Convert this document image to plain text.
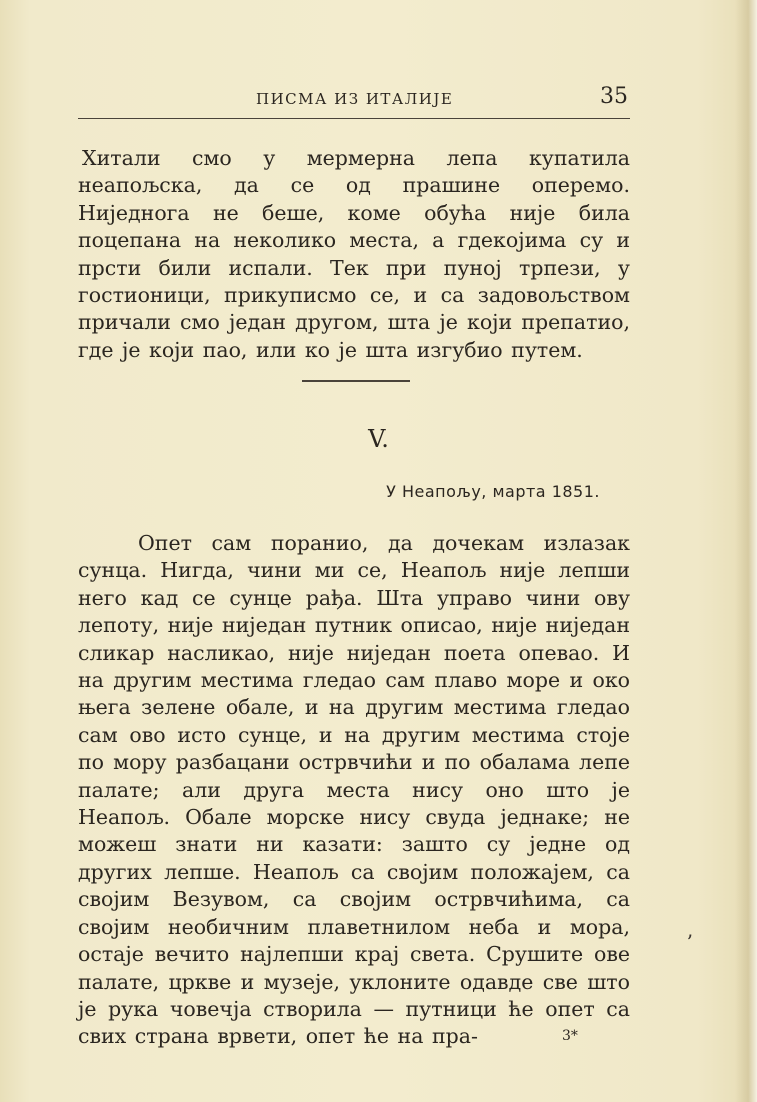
ПИСМА ИЗ ИТАЛИЈЕ	35

Хитали смо у мермерна лепа купатила неапољска, да се од прашине оперемо. Ниједнога не беше, коме обућа није била поцепана на неколико места, а гдекојима су и прсти били испали. Тек при пуној трпези, у гостионици, прикуписмо се, и са задовољством причали смо један другом, шта је који препатио, где је који пао, или ко је шта изгубио путем.

V.
У Неапољу, марта 1851.

Опет сам поранио, да дочекам излазак сунца. Нигда, чини ми се, Неапољ није лепши него кад се сунце рађа. Шта управо чини ову лепоту, није ниједан путник описао, није ниједан сликар насликао, није ниједан поета опевао. И на другим местима гледао сам плаво море и око њега зелене обале, и на другим местима гледао сам ово исто сунце, и на другим местима стоје по мору разбацани острвчићи и по обалама лепе палате; али друга места нису оно што је Неапољ. Обале морске нису свуда једнаке; не можеш знати ни казати: зашто су једне од других лепше. Неапољ са својим положајем, са својим Везувом, са својим острвчићима, са својим необичним плаветнилом неба и мора, остаје вечито најлепши крај света. Срушите ове палате, цркве и музеје, уклоните одавде све што је рука човечја створила — путници ће опет са свих страна врвети, опет ће на пра-	3*
ʼ
